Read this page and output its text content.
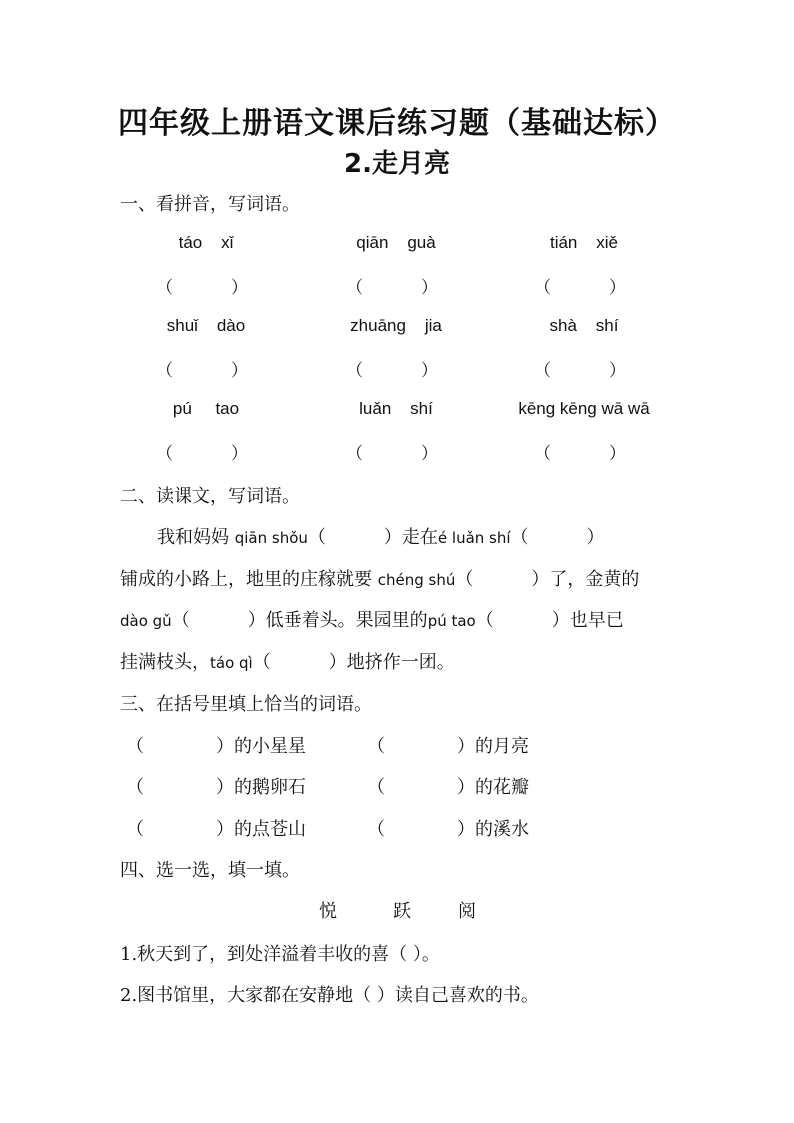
四年级上册语文课后练习题（基础达标）
2.走月亮
一、看拼音，写词语。
táo    xǐ	qiān    guà	tián    xiě
（	）	（	）	（	）
shuǐ    dào	zhuāng    jia	shà    shí
（	）	（	）	（	）
pú     tao	luǎn    shí	kēng kēng wā wā
（	）	（	）	（	）
二、读课文，写词语。
我和妈妈 qiān shǒu（	）走在é luǎn shí（	）
铺成的小路上，地里的庄稼就要 chéng shú（	）了，金黄的
dào gǔ（	）低垂着头。果园里的pú tao（	）也早已
挂满枝头，táo qì（	）地挤作一团。
三、在括号里填上恰当的词语。
（	）的小星星	（	）的月亮
（	）的鹅卵石	（	）的花瓣
（	）的点苍山	（	）的溪水
四、选一选，填一填。
悦	跃	阅
1.秋天到了，到处洋溢着丰收的喜（ ）。
2.图书馆里，大家都在安静地（ ）读自己喜欢的书。
